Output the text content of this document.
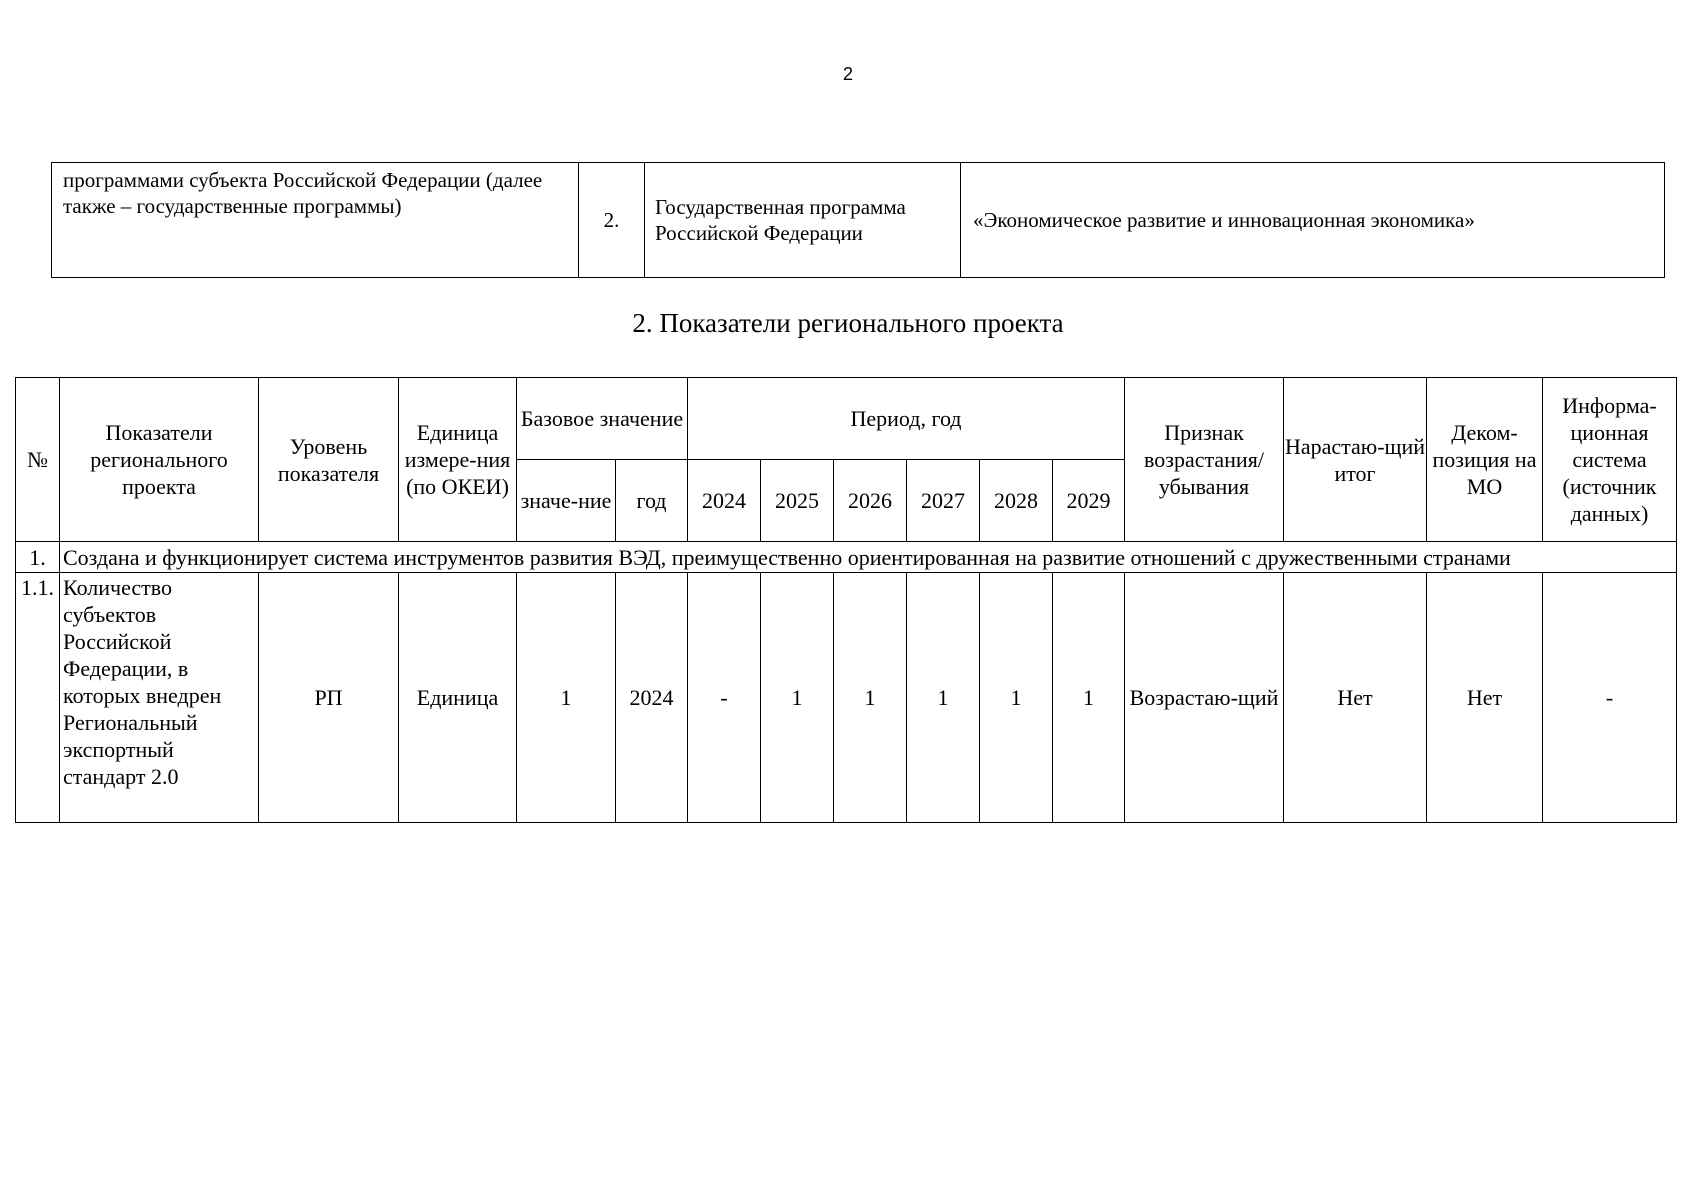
2
программами субъекта Российской Федерации (далее также – государственные программы)	2.	Государственная программа Российской Федерации	«Экономическое развитие и инновационная экономика»
2. Показатели регионального проекта
№	Показатели регионального проекта	Уровень показателя	Единица измере-ния (по ОКЕИ)	Базовое значение		Период, год						Признак возрастания/ убывания	Нарастаю-щий итог	Деком-позиция на МО	Информа-ционная система (источник данных)
				значе-ние	год	2024	2025	2026	2027	2028	2029				
1.	Создана и функционирует система инструментов развития ВЭД, преимущественно ориентированная на развитие отношений с дружественными странами														
1.1.	Количество субъектов Российской Федерации, в которых внедрен Региональный экспортный стандарт 2.0	РП	Единица	1	2024	-	1	1	1	1	1	Возрастаю-щий	Нет	Нет	-
